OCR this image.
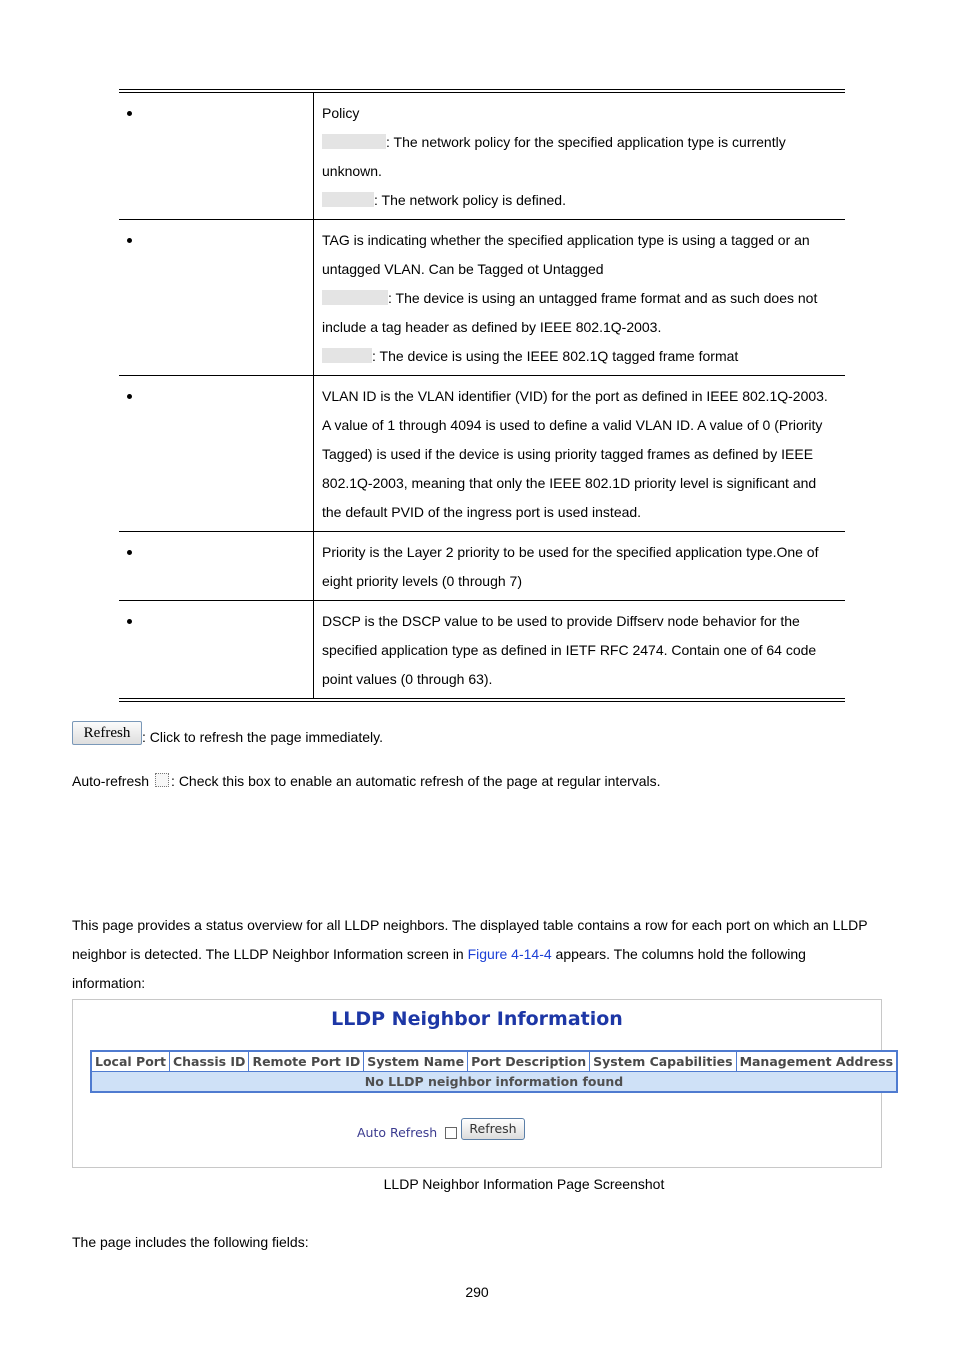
	Policy
: The network policy for the specified application type is currently unknown.
: The network policy is defined.

	TAG is indicating whether the specified application type is using a tagged or an untagged VLAN. Can be Tagged ot Untagged
: The device is using an untagged frame format and as such does not include a tag header as defined by IEEE 802.1Q-2003.
: The device is using the IEEE 802.1Q tagged frame format

	VLAN ID is the VLAN identifier (VID) for the port as defined in IEEE 802.1Q-2003. A value of 1 through 4094 is used to define a valid VLAN ID. A value of 0 (Priority Tagged) is used if the device is using priority tagged frames as defined by IEEE 802.1Q-2003, meaning that only the IEEE 802.1D priority level is significant and the default PVID of the ingress port is used instead.

	Priority is the Layer 2 priority to be used for the specified application type.One of eight priority levels (0 through 7)

	DSCP is the DSCP value to be used to provide Diffserv node behavior for the specified application type as defined in IETF RFC 2474. Contain one of 64 code point values (0 through 63).
Refresh : Click to refresh the page immediately.
Auto-refresh : Check this box to enable an automatic refresh of the page at regular intervals.
This page provides a status overview for all LLDP neighbors. The displayed table contains a row for each port on which an LLDP neighbor is detected. The LLDP Neighbor Information screen in Figure 4-14-4 appears. The columns hold the following information:
LLDP Neighbor Information
Local Port	Chassis ID	Remote Port ID	System Name	Port Description	System Capabilities	Management Address
No LLDP neighbor information found
Auto Refresh	Refresh
LLDP Neighbor Information Page Screenshot
The page includes the following fields:
290
